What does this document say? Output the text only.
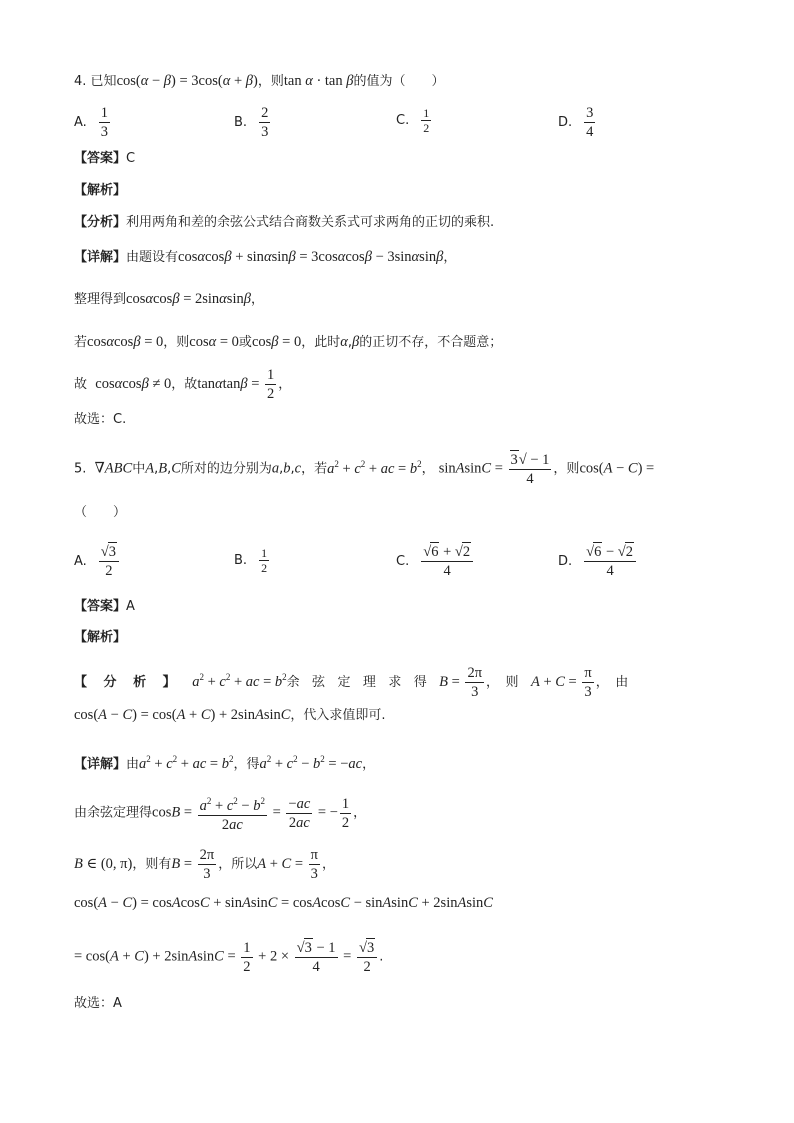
4. 已知cos(α − β) = 3cos(α + β)，则tan α · tan β的值为（　　）
A. $\frac{1}{3}$	B. $\frac{2}{3}$	C. $\frac{1}{2}$	D. $\frac{3}{4}$
【答案】C
【解析】
【分析】利用两角和差的余弦公式结合商数关系式可求两角的正切的乘积.
【详解】由题设有cosαcosβ + sinαsinβ = 3cosαcosβ − 3sinαsinβ，
整理得到cosαcosβ = 2sinαsinβ，
若cosαcosβ = 0，则cosα = 0或cosβ = 0，此时α,β的正切不存，不合题意；
故 cosαcosβ ≠ 0，故$\tan\alpha\tan\beta = \frac{1}{2}$ ，
故选：C.
5. ∇ABC中A,B,C所对的边分别为a,b,c，若$a^2 + c^2$ + ac = $b^2$， sinAsinC = $\frac{3√ - 1}{4}$ ，则cos(A − C) =
（　　）
A. $\frac{√3}{2}$	B. $\frac{1}{2}$	C. $\frac{√6 + √2}{4}$	D. $\frac{√6 - √2}{4}$
【答案】A
【解析】
【 分 析 】 $a^2 + c^2$ + ac = $b^2$余 弦 定 理 求 得 $B = \frac{2\pi}{3}$ ，　则 $A + C = \frac{\pi}{3}$ ，　由
cos(A − C) = cos(A + C) + 2sinAsinC，代入求值即可.
【详解】由$a^2 + c^2$ + ac = $b^2$，得$a^2 + c^2 - b^2 = -ac$，
由余弦定理得$\cos B = \frac{a^2 + c^2 - b^2}{2ac} = \frac{-ac}{2ac}$ = − $\frac{1}{2}$ ，
B ∈ (0, π)，则有$B = \frac{2\pi}{3}$ ，所以$A + C = \frac{\pi}{3}$ ，
cos(A − C) = cosAcosC + sinAsinC = cosAcosC − sinAsinC + 2sinAsinC
= cos(A + C) + 2sinAsinC = $\frac{1}{2} + 2 \times \frac{√3 - 1}{4} = \frac{√3}{2}$ .
故选：A
